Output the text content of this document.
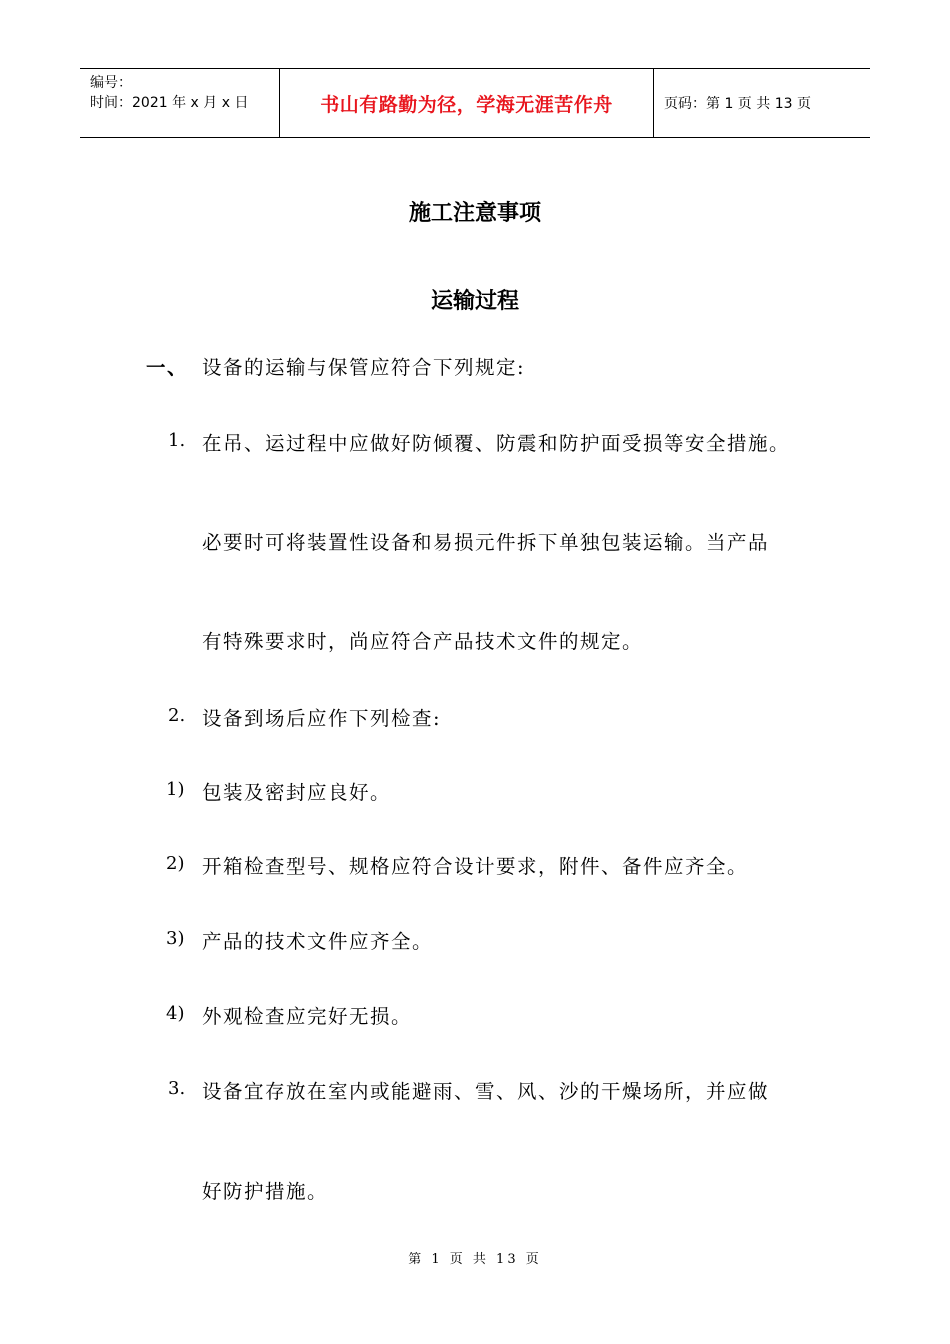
编号：
时间：2021 年 x 月 x 日	书山有路勤为径，学海无涯苦作舟	页码：第 1 页 共 13 页
施工注意事项
运输过程
一、 设备的运输与保管应符合下列规定:
1. 在吊、运过程中应做好防倾覆、防震和防护面受损等安全措施。
必要时可将装置性设备和易损元件拆下单独包装运输。当产品
有特殊要求时，尚应符合产品技术文件的规定。
2. 设备到场后应作下列检查:
1) 包装及密封应良好。
2) 开箱检查型号、规格应符合设计要求，附件、备件应齐全。
3) 产品的技术文件应齐全。
4) 外观检查应完好无损。
3. 设备宜存放在室内或能避雨、雪、风、沙的干燥场所，并应做
好防护措施。
第 1 页 共 13 页
